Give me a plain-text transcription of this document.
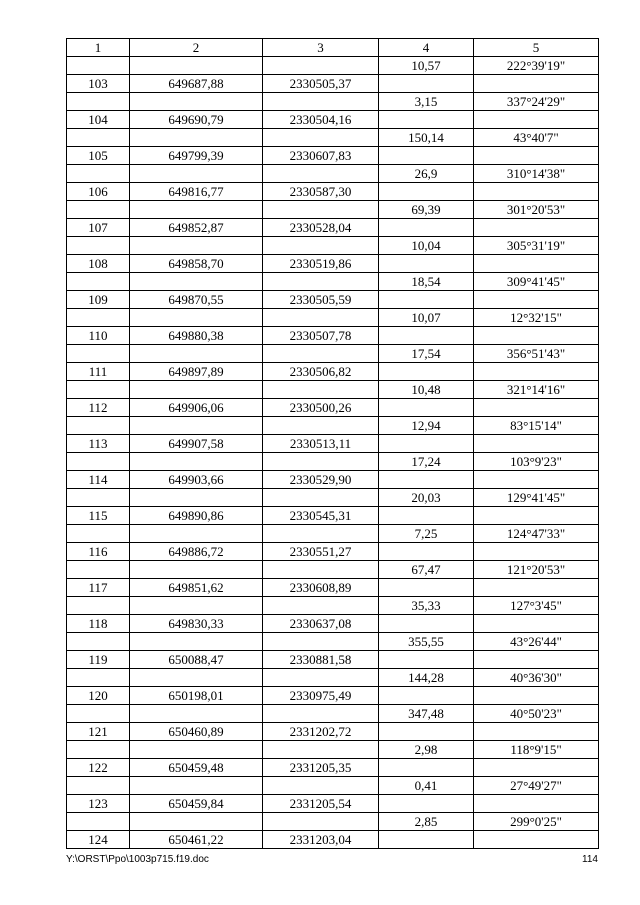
1	2	3	4	5
			10,57	222°39'19"
103	649687,88	2330505,37		
			3,15	337°24'29"
104	649690,79	2330504,16		
			150,14	43°40'7"
105	649799,39	2330607,83		
			26,9	310°14'38"
106	649816,77	2330587,30		
			69,39	301°20'53"
107	649852,87	2330528,04		
			10,04	305°31'19"
108	649858,70	2330519,86		
			18,54	309°41'45"
109	649870,55	2330505,59		
			10,07	12°32'15"
110	649880,38	2330507,78		
			17,54	356°51'43"
111	649897,89	2330506,82		
			10,48	321°14'16"
112	649906,06	2330500,26		
			12,94	83°15'14"
113	649907,58	2330513,11		
			17,24	103°9'23"
114	649903,66	2330529,90		
			20,03	129°41'45"
115	649890,86	2330545,31		
			7,25	124°47'33"
116	649886,72	2330551,27		
			67,47	121°20'53"
117	649851,62	2330608,89		
			35,33	127°3'45"
118	649830,33	2330637,08		
			355,55	43°26'44"
119	650088,47	2330881,58		
			144,28	40°36'30"
120	650198,01	2330975,49		
			347,48	40°50'23"
121	650460,89	2331202,72		
			2,98	118°9'15"
122	650459,48	2331205,35		
			0,41	27°49'27"
123	650459,84	2331205,54		
			2,85	299°0'25"
124	650461,22	2331203,04		
Y:\ORST\Ppo\1003p715.f19.doc	114
